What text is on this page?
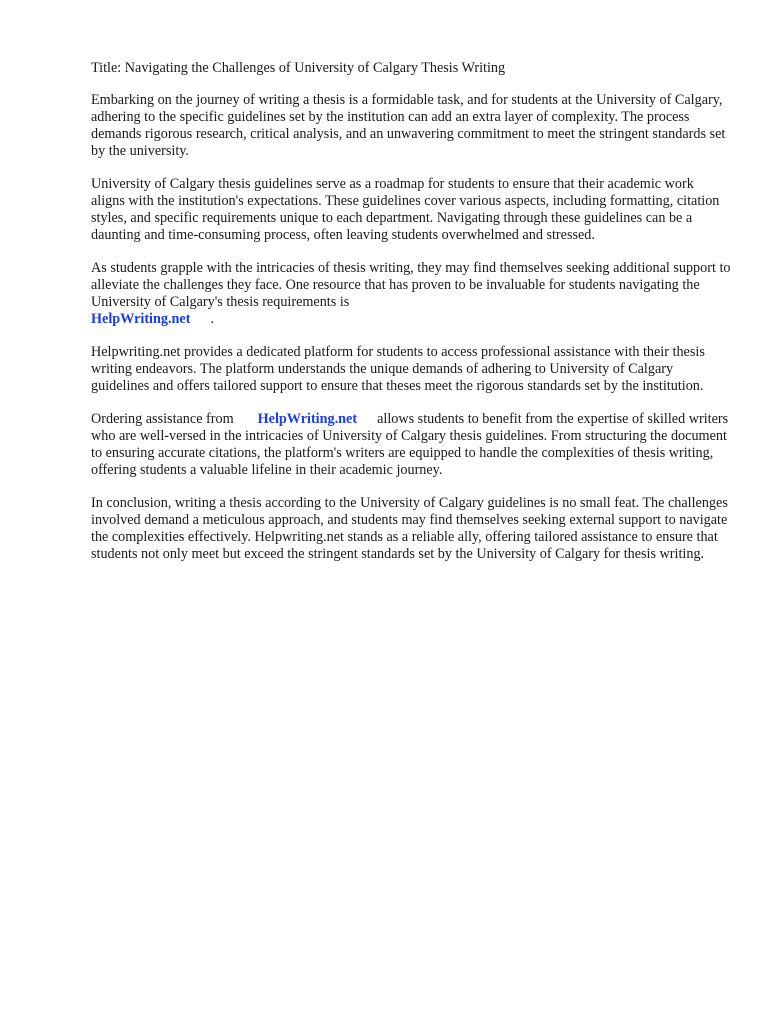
Title: Navigating the Challenges of University of Calgary Thesis Writing

Embarking on the journey of writing a thesis is a formidable task, and for students at the University of Calgary, adhering to the specific guidelines set by the institution can add an extra layer of complexity. The process demands rigorous research, critical analysis, and an unwavering commitment to meet the stringent standards set by the university.

University of Calgary thesis guidelines serve as a roadmap for students to ensure that their academic work aligns with the institution's expectations. These guidelines cover various aspects, including formatting, citation styles, and specific requirements unique to each department. Navigating through these guidelines can be a daunting and time-consuming process, often leaving students overwhelmed and stressed.

As students grapple with the intricacies of thesis writing, they may find themselves seeking additional support to alleviate the challenges they face. One resource that has proven to be invaluable for students navigating the University of Calgary's thesis requirements is
HelpWriting.net .

Helpwriting.net provides a dedicated platform for students to access professional assistance with their thesis writing endeavors. The platform understands the unique demands of adhering to University of Calgary guidelines and offers tailored support to ensure that theses meet the rigorous standards set by the institution.

Ordering assistance from HelpWriting.net allows students to benefit from the expertise of skilled writers who are well-versed in the intricacies of University of Calgary thesis guidelines. From structuring the document to ensuring accurate citations, the platform's writers are equipped to handle the complexities of thesis writing, offering students a valuable lifeline in their academic journey.

In conclusion, writing a thesis according to the University of Calgary guidelines is no small feat. The challenges involved demand a meticulous approach, and students may find themselves seeking external support to navigate the complexities effectively. Helpwriting.net stands as a reliable ally, offering tailored assistance to ensure that students not only meet but exceed the stringent standards set by the University of Calgary for thesis writing.
